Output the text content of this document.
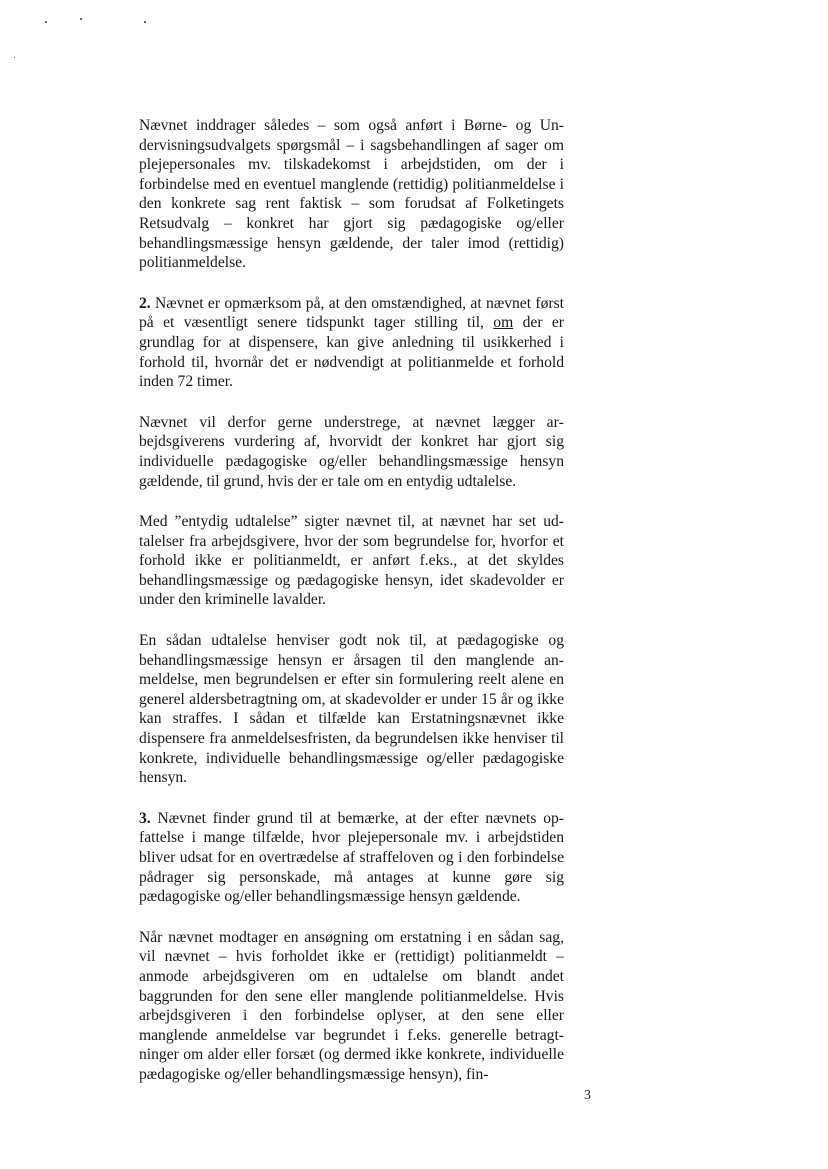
Nævnet inddrager således – som også anført i Børne- og Undervisningsudvalgets spørgsmål – i sagsbehandlingen af sager om plejepersonales mv. tilskadekomst i arbejdstiden, om der i forbindelse med en eventuel manglende (rettidig) politianmeldelse i den konkrete sag rent faktisk – som forudsat af Folketingets Retsudvalg – konkret har gjort sig pædagogiske og/eller behandlingsmæssige hensyn gældende, der taler imod (rettidig) politianmeldelse.

2. Nævnet er opmærksom på, at den omstændighed, at nævnet først på et væsentligt senere tidspunkt tager stilling til, om der er grundlag for at dispensere, kan give anledning til usikkerhed i forhold til, hvornår det er nødvendigt at politianmelde et forhold inden 72 timer.

Nævnet vil derfor gerne understrege, at nævnet lægger arbejdsgiverens vurdering af, hvorvidt der konkret har gjort sig individuelle pædagogiske og/eller behandlingsmæssige hensyn gældende, til grund, hvis der er tale om en entydig udtalelse.

Med ”entydig udtalelse” sigter nævnet til, at nævnet har set udtalelser fra arbejdsgivere, hvor der som begrundelse for, hvorfor et forhold ikke er politianmeldt, er anført f.eks., at det skyldes behandlingsmæssige og pædagogiske hensyn, idet skadevolder er under den kriminelle lavalder.

En sådan udtalelse henviser godt nok til, at pædagogiske og behandlingsmæssige hensyn er årsagen til den manglende anmeldelse, men begrundelsen er efter sin formulering reelt alene en generel aldersbetragtning om, at skadevolder er under 15 år og ikke kan straffes. I sådan et tilfælde kan Erstatningsnævnet ikke dispensere fra anmeldelsesfristen, da begrundelsen ikke henviser til konkrete, individuelle behandlingsmæssige og/eller pædagogiske hensyn.

3. Nævnet finder grund til at bemærke, at der efter nævnets opfattelse i mange tilfælde, hvor plejepersonale mv. i arbejdstiden bliver udsat for en overtrædelse af straffeloven og i den forbindelse pådrager sig personskade, må antages at kunne gøre sig pædagogiske og/eller behandlingsmæssige hensyn gældende.

Når nævnet modtager en ansøgning om erstatning i en sådan sag, vil nævnet – hvis forholdet ikke er (rettidigt) politianmeldt – anmode arbejdsgiveren om en udtalelse om blandt andet baggrunden for den sene eller manglende politianmeldelse. Hvis arbejdsgiveren i den forbindelse oplyser, at den sene eller manglende anmeldelse var begrundet i f.eks. generelle betragtninger om alder eller forsæt (og dermed ikke konkrete, individuelle pædagogiske og/eller behandlingsmæssige hensyn), fin-

3
